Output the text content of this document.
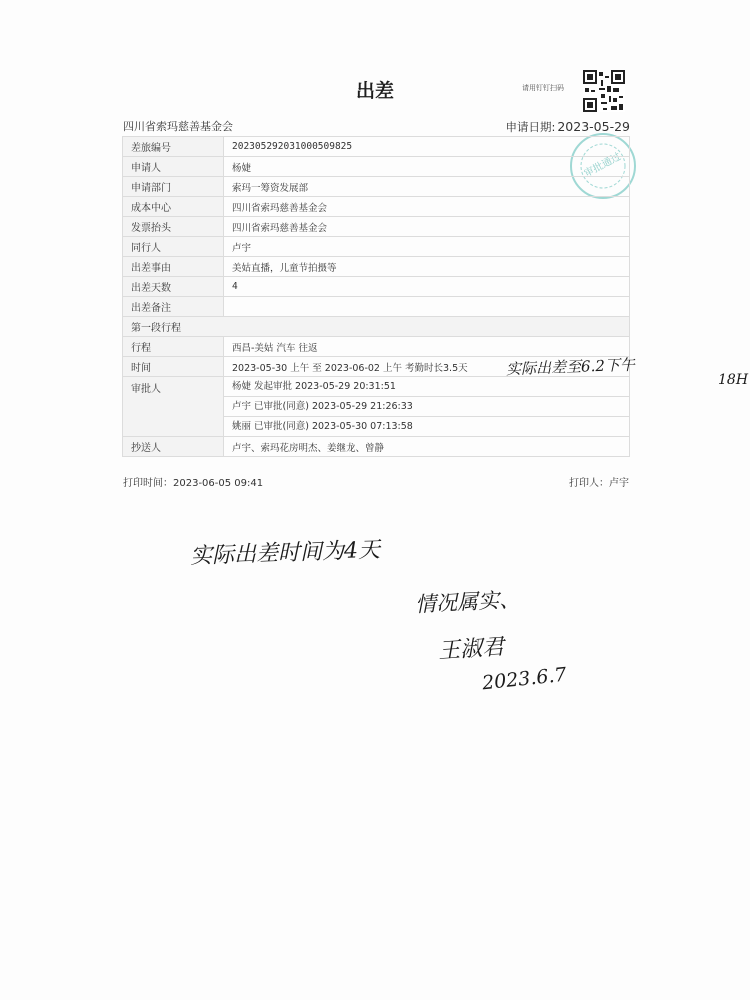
出差	请用钉钉扫码
四川省索玛慈善基金会	申请日期: 2023-05-29
审批通过
差旅编号	202305292031000509825
申请人	杨婕
申请部门	索玛一筹资发展部
成本中心	四川省索玛慈善基金会
发票抬头	四川省索玛慈善基金会
同行人	卢宇
出差事由	美姑直播，儿童节拍摄等
出差天数	4
出差备注	
第一段行程	
行程	西昌-美姑 汽车 往返
时间	2023-05-30 上午 至 2023-06-02 上午 考勤时长3.5天
审批人	杨婕 发起审批 2023-05-29 20:31:51
卢宇 已审批(同意) 2023-05-29 21:26:33
姚丽 已审批(同意) 2023-05-30 07:13:58

抄送人	卢宇、索玛花房明杰、姜继龙、曾静
打印时间：2023-06-05 09:41	打印人：卢宇
实际出差至6.2下午
18H
实际出差时间为4天
情况属实、
王淑君
2023.6.7
